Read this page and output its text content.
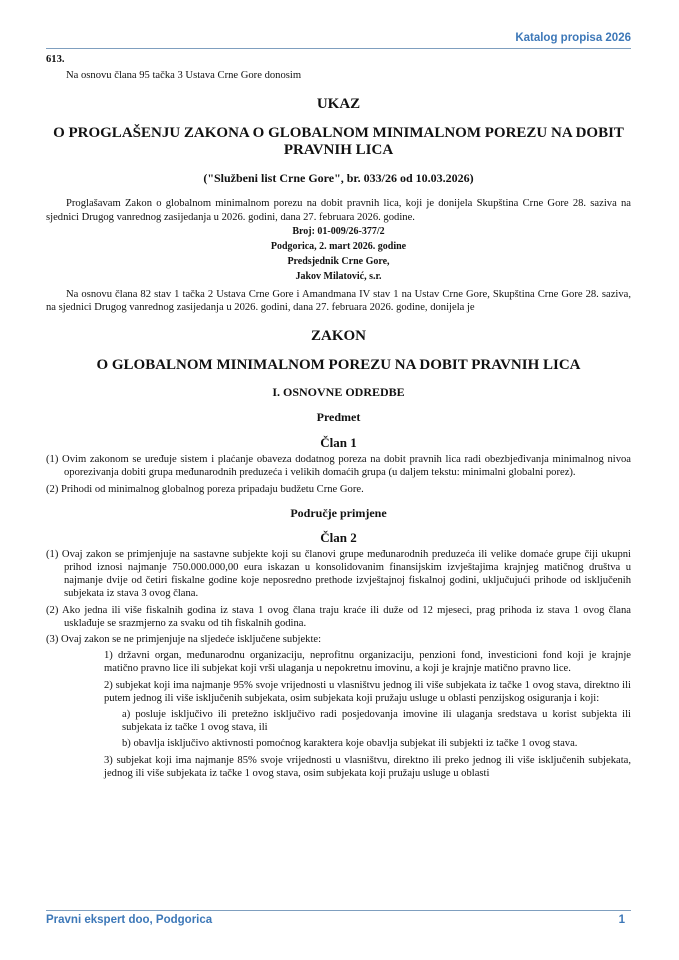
Katalog propisa 2026

613.

Na osnovu člana 95 tačka 3 Ustava Crne Gore donosim

UKAZ

O PROGLAŠENJU ZAKONA O GLOBALNOM MINIMALNOM POREZU NA DOBIT PRAVNIH LICA

("Službeni list Crne Gore", br. 033/26 od 10.03.2026)

Proglašavam Zakon o globalnom minimalnom porezu na dobit pravnih lica, koji je donijela Skupština Crne Gore 28. saziva na sjednici Drugog vanrednog zasijedanja u 2026. godini, dana 27. februara 2026. godine.

Broj: 01-009/26-377/2

Podgorica, 2. mart 2026. godine

Predsjednik Crne Gore,

Jakov Milatović, s.r.

Na osnovu člana 82 stav 1 tačka 2 Ustava Crne Gore i Amandmana IV stav 1 na Ustav Crne Gore, Skupština Crne Gore 28. saziva, na sjednici Drugog vanrednog zasijedanja u 2026. godini, dana 27. februara 2026. godine, donijela je

ZAKON

O GLOBALNOM MINIMALNOM POREZU NA DOBIT PRAVNIH LICA

I. OSNOVNE ODREDBE

Predmet

Član 1

(1) Ovim zakonom se uređuje sistem i plaćanje obaveza dodatnog poreza na dobit pravnih lica radi obezbjeđivanja minimalnog nivoa oporezivanja dobiti grupa međunarodnih preduzeća i velikih domaćih grupa (u daljem tekstu: minimalni globalni porez).

(2) Prihodi od minimalnog globalnog poreza pripadaju budžetu Crne Gore.

Područje primjene

Član 2

(1) Ovaj zakon se primjenjuje na sastavne subjekte koji su članovi grupe međunarodnih preduzeća ili velike domaće grupe čiji ukupni prihod iznosi najmanje 750.000.000,00 eura iskazan u konsolidovanim finansijskim izvještajima krajnjeg matičnog društva u najmanje dvije od četiri fiskalne godine koje neposredno prethode izvještajnoj fiskalnoj godini, uključujući prihode od isključenih subjekata iz stava 3 ovog člana.

(2) Ako jedna ili više fiskalnih godina iz stava 1 ovog člana traju kraće ili duže od 12 mjeseci, prag prihoda iz stava 1 ovog člana usklađuje se srazmjerno za svaku od tih fiskalnih godina.

(3) Ovaj zakon se ne primjenjuje na sljedeće isključene subjekte:

1) državni organ, međunarodnu organizaciju, neprofitnu organizaciju, penzioni fond, investicioni fond koji je krajnje matično pravno lice ili subjekat koji vrši ulaganja u nepokretnu imovinu, a koji je krajnje matično pravno lice.

2) subjekat koji ima najmanje 95% svoje vrijednosti u vlasništvu jednog ili više subjekata iz tačke 1 ovog stava, direktno ili putem jednog ili više isključenih subjekata, osim subjekata koji pružaju usluge u oblasti penzijskog osiguranja i koji:

a) posluje isključivo ili pretežno isključivo radi posjedovanja imovine ili ulaganja sredstava u korist subjekta ili subjekata iz tačke 1 ovog stava, ili

b) obavlja isključivo aktivnosti pomoćnog karaktera koje obavlja subjekat ili subjekti iz tačke 1 ovog stava.

3) subjekat koji ima najmanje 85% svoje vrijednosti u vlasništvu, direktno ili preko jednog ili više isključenih subjekata, jednog ili više subjekata iz tačke 1 ovog stava, osim subjekata koji pružaju usluge u oblasti

Pravni ekspert doo, Podgorica	1
